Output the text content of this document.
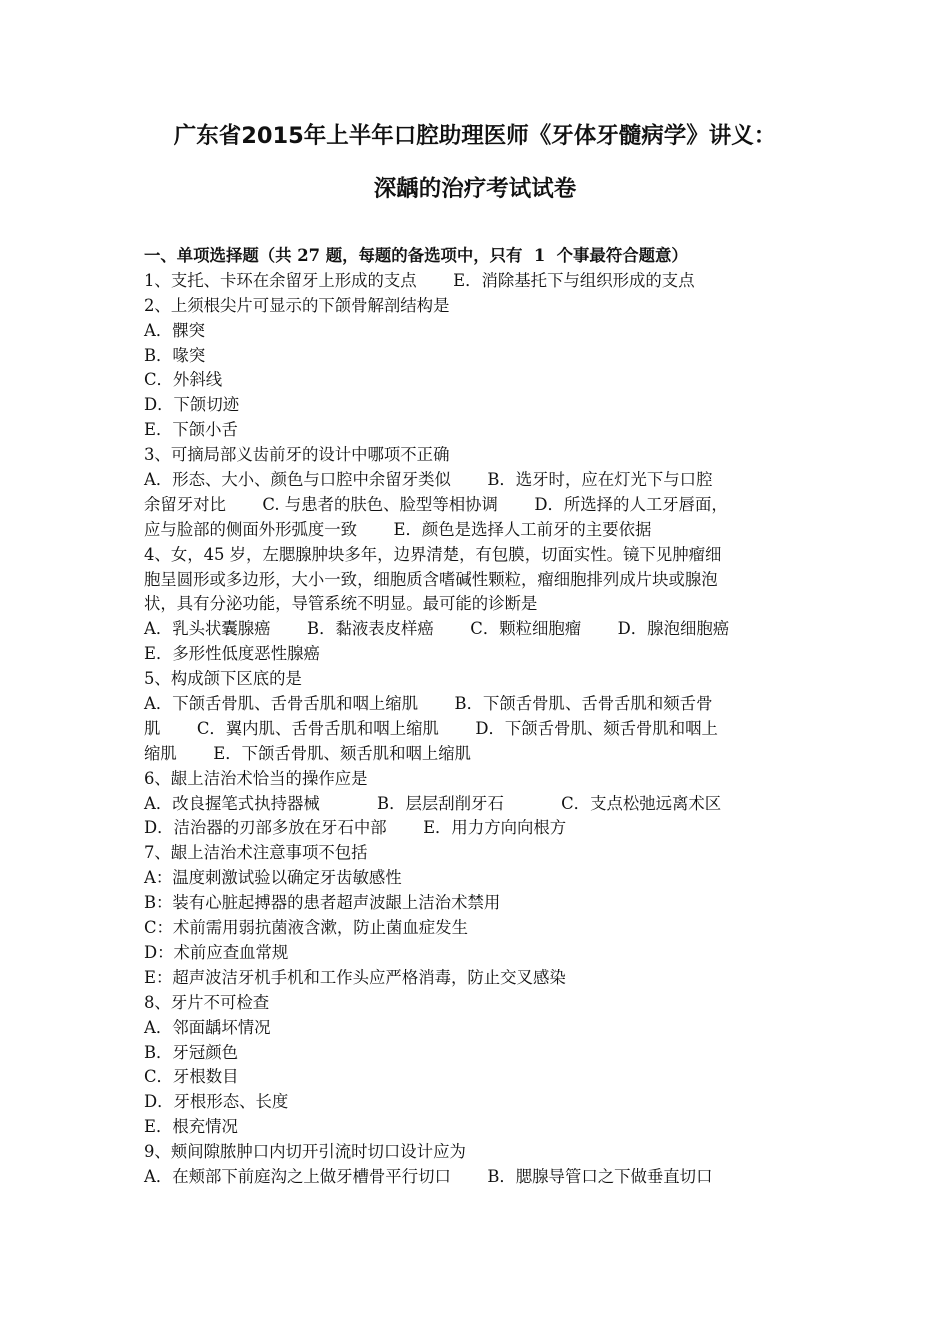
广东省2015年上半年口腔助理医师《牙体牙髓病学》讲义：
深龋的治疗考试试卷
一、单项选择题（共 27 题，每题的备选项中，只有  1  个事最符合题意）
1、支托、卡环在余留牙上形成的支点       E．消除基托下与组织形成的支点
2、上须根尖片可显示的下颌骨解剖结构是
A．髁突
B．喙突
C．外斜线
D．下颌切迹
E．下颌小舌
3、可摘局部义齿前牙的设计中哪项不正确
A．形态、大小、颜色与口腔中余留牙类似       B．选牙时，应在灯光下与口腔
余留牙对比       C. 与患者的肤色、脸型等相协调       D．所选择的人工牙唇面，
应与脸部的侧面外形弧度一致       E．颜色是选择人工前牙的主要依据
4、女，45 岁，左腮腺肿块多年，边界清楚，有包膜，切面实性。镜下见肿瘤细
胞呈圆形或多边形，大小一致，细胞质含嗜碱性颗粒，瘤细胞排列成片块或腺泡
状，具有分泌功能，导管系统不明显。最可能的诊断是
A．乳头状囊腺癌       B．黏液表皮样癌       C．颗粒细胞瘤       D．腺泡细胞癌
E．多形性低度恶性腺癌
5、构成颌下区底的是
A．下颌舌骨肌、舌骨舌肌和咽上缩肌       B．下颌舌骨肌、舌骨舌肌和颏舌骨
肌       C．翼内肌、舌骨舌肌和咽上缩肌       D．下颌舌骨肌、颏舌骨肌和咽上
缩肌       E．下颌舌骨肌、颏舌肌和咽上缩肌
6、龈上洁治术恰当的操作应是
A．改良握笔式执持器械           B．层层刮削牙石           C．支点松弛远离术区
D．洁治器的刃部多放在牙石中部       E．用力方向向根方
7、龈上洁治术注意事项不包括
A：温度刺激试验以确定牙齿敏感性
B：装有心脏起搏器的患者超声波龈上洁治术禁用
C：术前需用弱抗菌液含漱，防止菌血症发生
D：术前应查血常规
E：超声波洁牙机手机和工作头应严格消毒，防止交叉感染
8、牙片不可检查
A．邻面龋坏情况
B．牙冠颜色
C．牙根数目
D．牙根形态、长度
E．根充情况
9、颊间隙脓肿口内切开引流时切口设计应为
A．在颊部下前庭沟之上做牙槽骨平行切口       B．腮腺导管口之下做垂直切口
